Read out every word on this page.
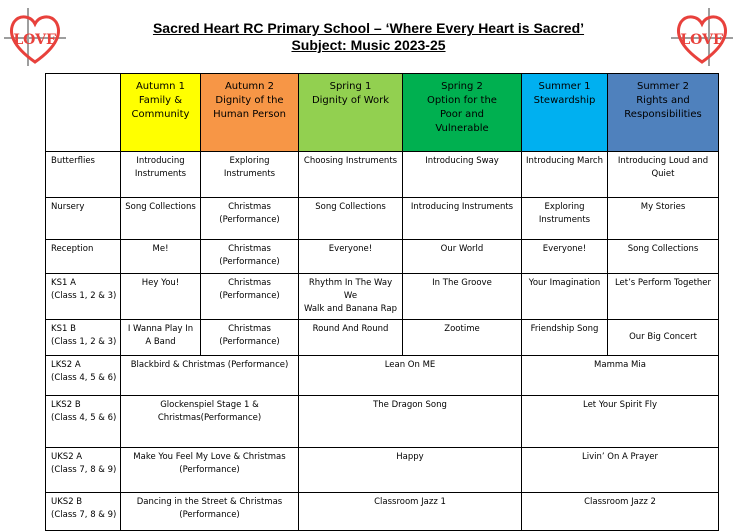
LOVE	LOVE
Sacred Heart RC Primary School – ‘Where Every Heart is Sacred’
Subject: Music 2023-25

	Autumn 1
Family &
Community	Autumn 2
Dignity of the
Human Person	Spring 1
Dignity of Work	Spring 2
Option for the
Poor and
Vulnerable	Summer 1
Stewardship	Summer 2
Rights and
Responsibilities

Butterflies	Introducing
Instruments	Exploring Instruments	Choosing Instruments	Introducing Sway	Introducing March	Introducing Loud and
Quiet

Nursery	Song Collections	Christmas
(Performance)	Song Collections	Introducing Instruments	Exploring
Instruments	My Stories

Reception	Me!	Christmas
(Performance)	Everyone!	Our World	Everyone!	Song Collections

KS1 A
(Class 1, 2 & 3)	Hey You!	Christmas
(Performance)	Rhythm In The Way We
Walk and Banana Rap	In The Groove	Your Imagination	Let’s Perform Together

KS1 B
(Class 1, 2 & 3)	I Wanna Play In
A Band	Christmas
(Performance)	Round And Round	Zootime	Friendship Song	Our Big Concert

LKS2 A
(Class 4, 5 & 6)	Blackbird & Christmas (Performance)		Lean On ME		Mamma Mia	

LKS2 B
(Class 4, 5 & 6)	Glockenspiel Stage 1 &
Christmas(Performance)		The Dragon Song		Let Your Spirit Fly	

UKS2 A
(Class 7, 8 & 9)	Make You Feel My Love & Christmas
(Performance)		Happy		Livin’ On A Prayer	

UKS2 B
(Class 7, 8 & 9)	Dancing in the Street & Christmas
(Performance)		Classroom Jazz 1		Classroom Jazz 2	
